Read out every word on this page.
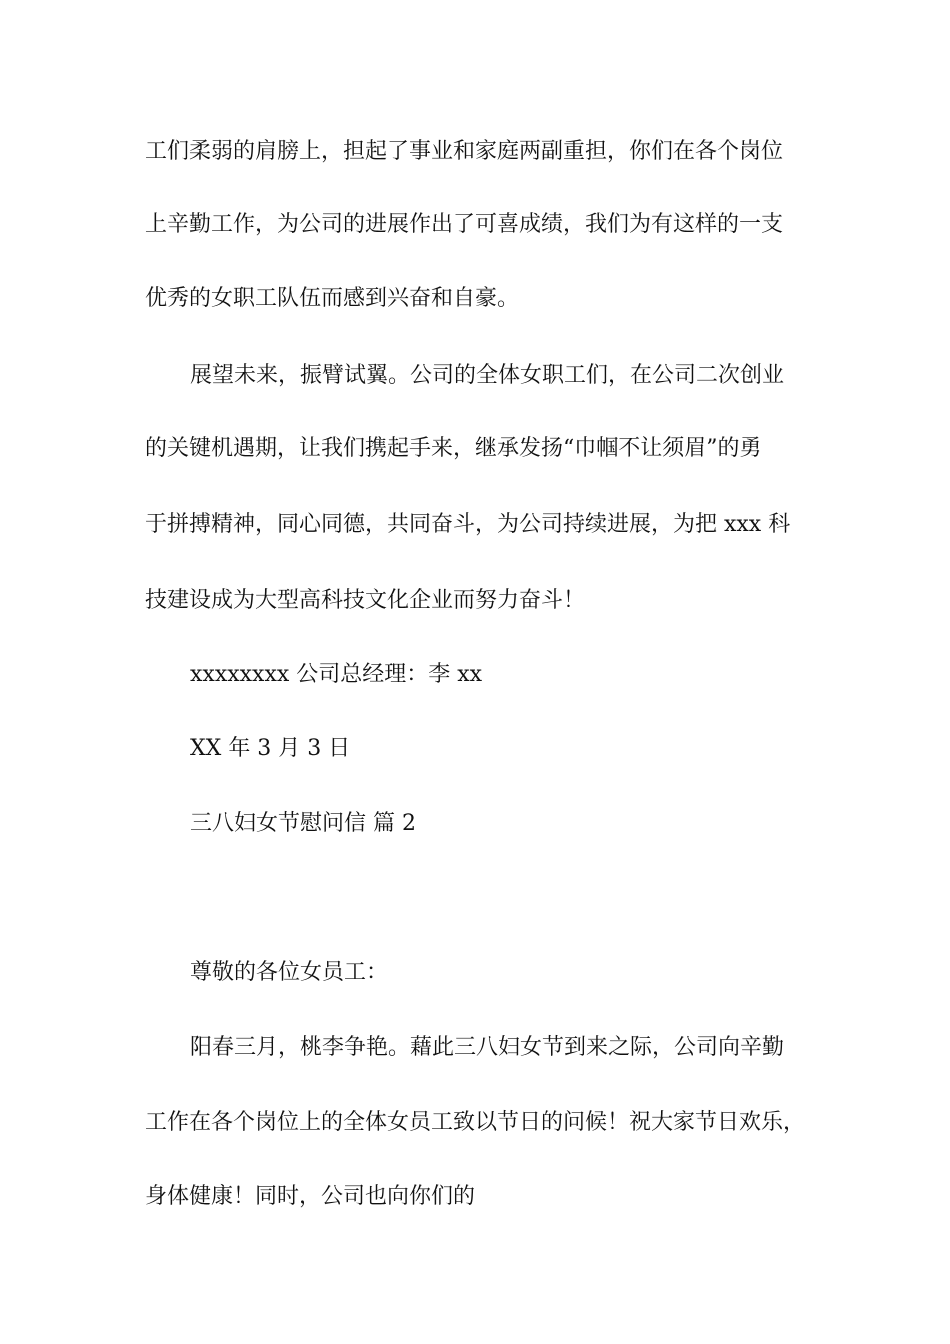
工们柔弱的肩膀上，担起了事业和家庭两副重担，你们在各个岗位
上辛勤工作，为公司的进展作出了可喜成绩，我们为有这样的一支
优秀的女职工队伍而感到兴奋和自豪。
展望未来，振臂试翼。公司的全体女职工们，在公司二次创业
的关键机遇期，让我们携起手来，继承发扬“巾帼不让须眉”的勇
于拼搏精神，同心同德，共同奋斗，为公司持续进展，为把 xxx 科
技建设成为大型高科技文化企业而努力奋斗！
xxxxxxxx 公司总经理：李 xx
XX 年 3 月 3 日
三八妇女节慰问信 篇 2
尊敬的各位女员工：
阳春三月，桃李争艳。藉此三八妇女节到来之际，公司向辛勤
工作在各个岗位上的全体女员工致以节日的问候！祝大家节日欢乐，
身体健康！同时，公司也向你们的
